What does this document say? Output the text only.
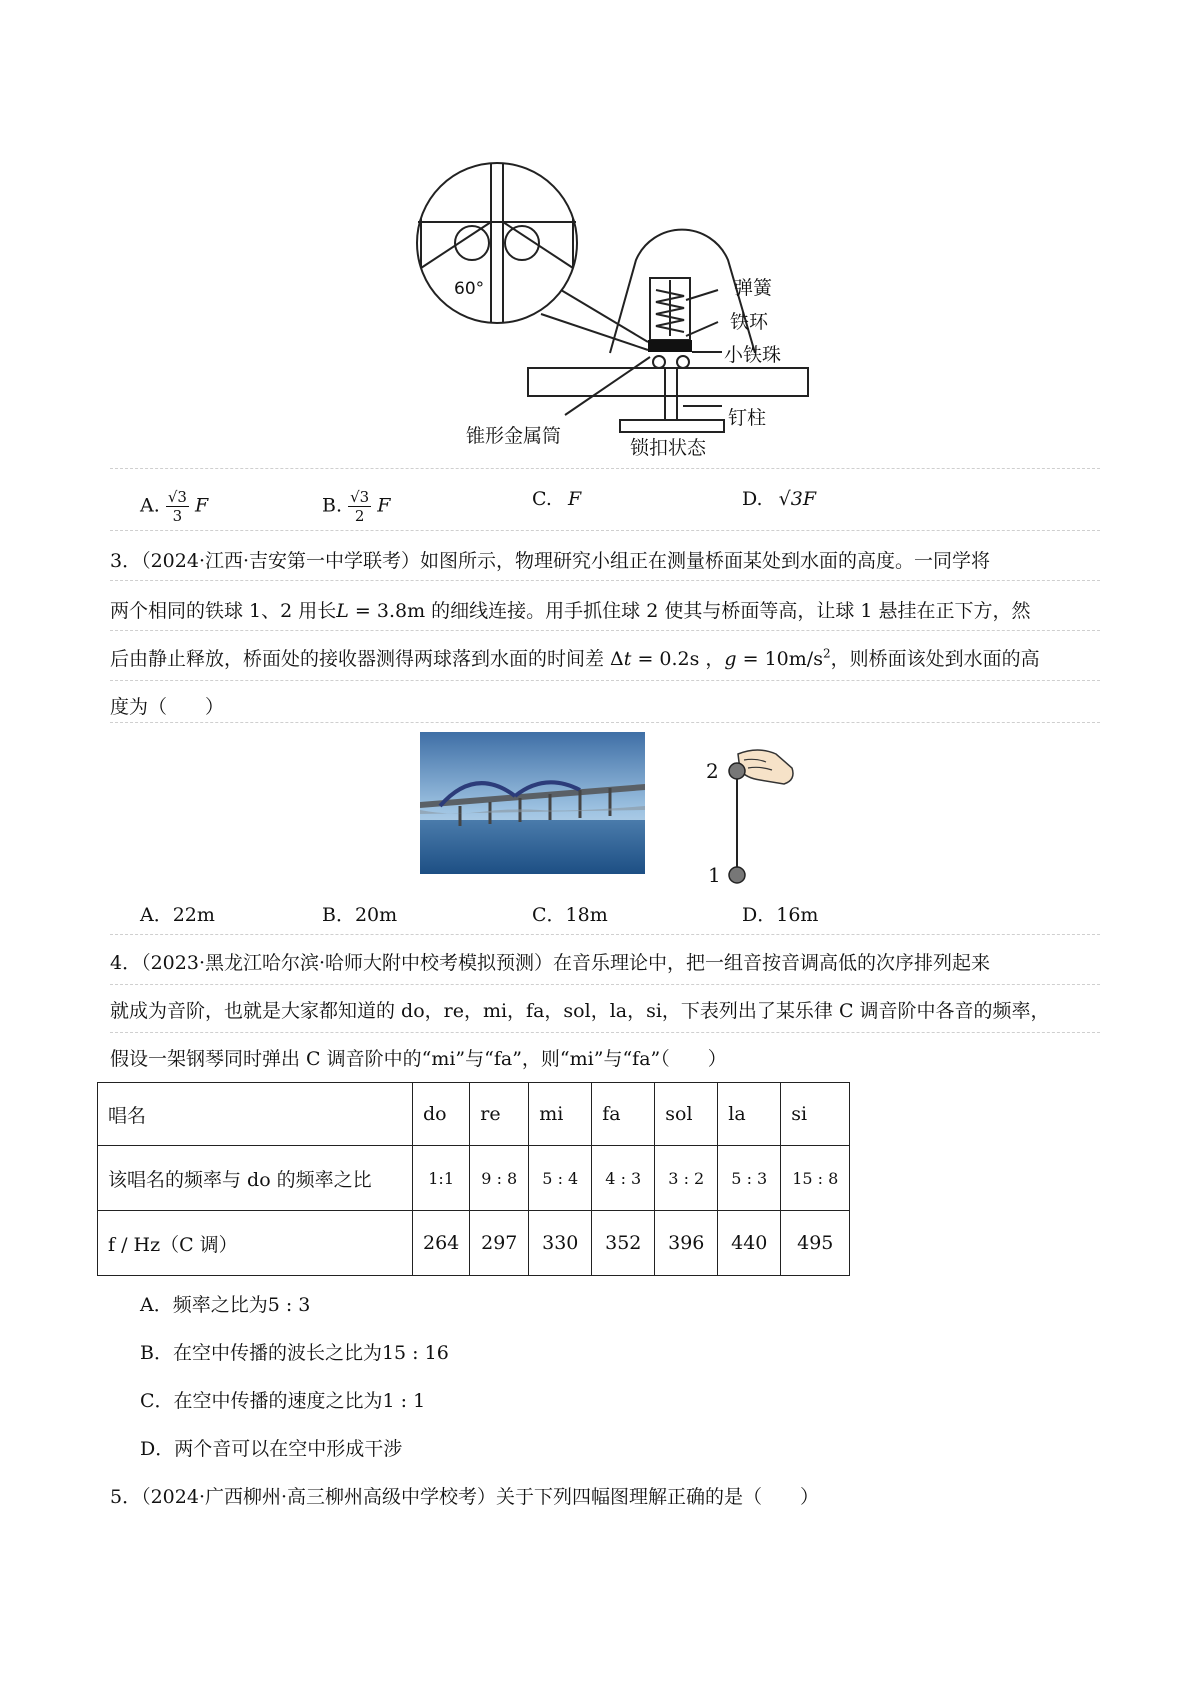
60°	弹簧
铁环
小铁珠
锥形金属筒
钉柱
锁扣状态
A. $\frac{√3}{3}$ F	B. $\frac{√3}{2}$ F	C. F	D. √3F
3．（2024·江西·吉安第一中学联考）如图所示，物理研究小组正在测量桥面某处到水面的高度。一同学将
两个相同的铁球 1、2 用长L = 3.8m 的细线连接。用手抓住球 2 使其与桥面等高，让球 1 悬挂在正下方，然
后由静止释放，桥面处的接收器测得两球落到水面的时间差 Δt = 0.2s ，$g = 10m/s^2$，则桥面该处到水面的高
度为（　　）
2
1
A．22m	B．20m	C．18m	D．16m
4．（2023·黑龙江哈尔滨·哈师大附中校考模拟预测）在音乐理论中，把一组音按音调高低的次序排列起来
就成为音阶，也就是大家都知道的 do，re，mi，fa，sol，la，si，下表列出了某乐律 C 调音阶中各音的频率，
假设一架钢琴同时弹出 C 调音阶中的“mi”与“fa”，则“mi”与“fa”（　　）
唱名	do	re	mi	fa	sol	la	si
该唱名的频率与 do 的频率之比	1:1	9 : 8	5 : 4	4 : 3	3 : 2	5 : 3	15 : 8
f / Hz（C 调）	264	297	330	352	396	440	495
A．频率之比为5 : 3
B．在空中传播的波长之比为15 : 16
C．在空中传播的速度之比为1 : 1
D．两个音可以在空中形成干涉
5．（2024·广西柳州·高三柳州高级中学校考）关于下列四幅图理解正确的是（　　）
